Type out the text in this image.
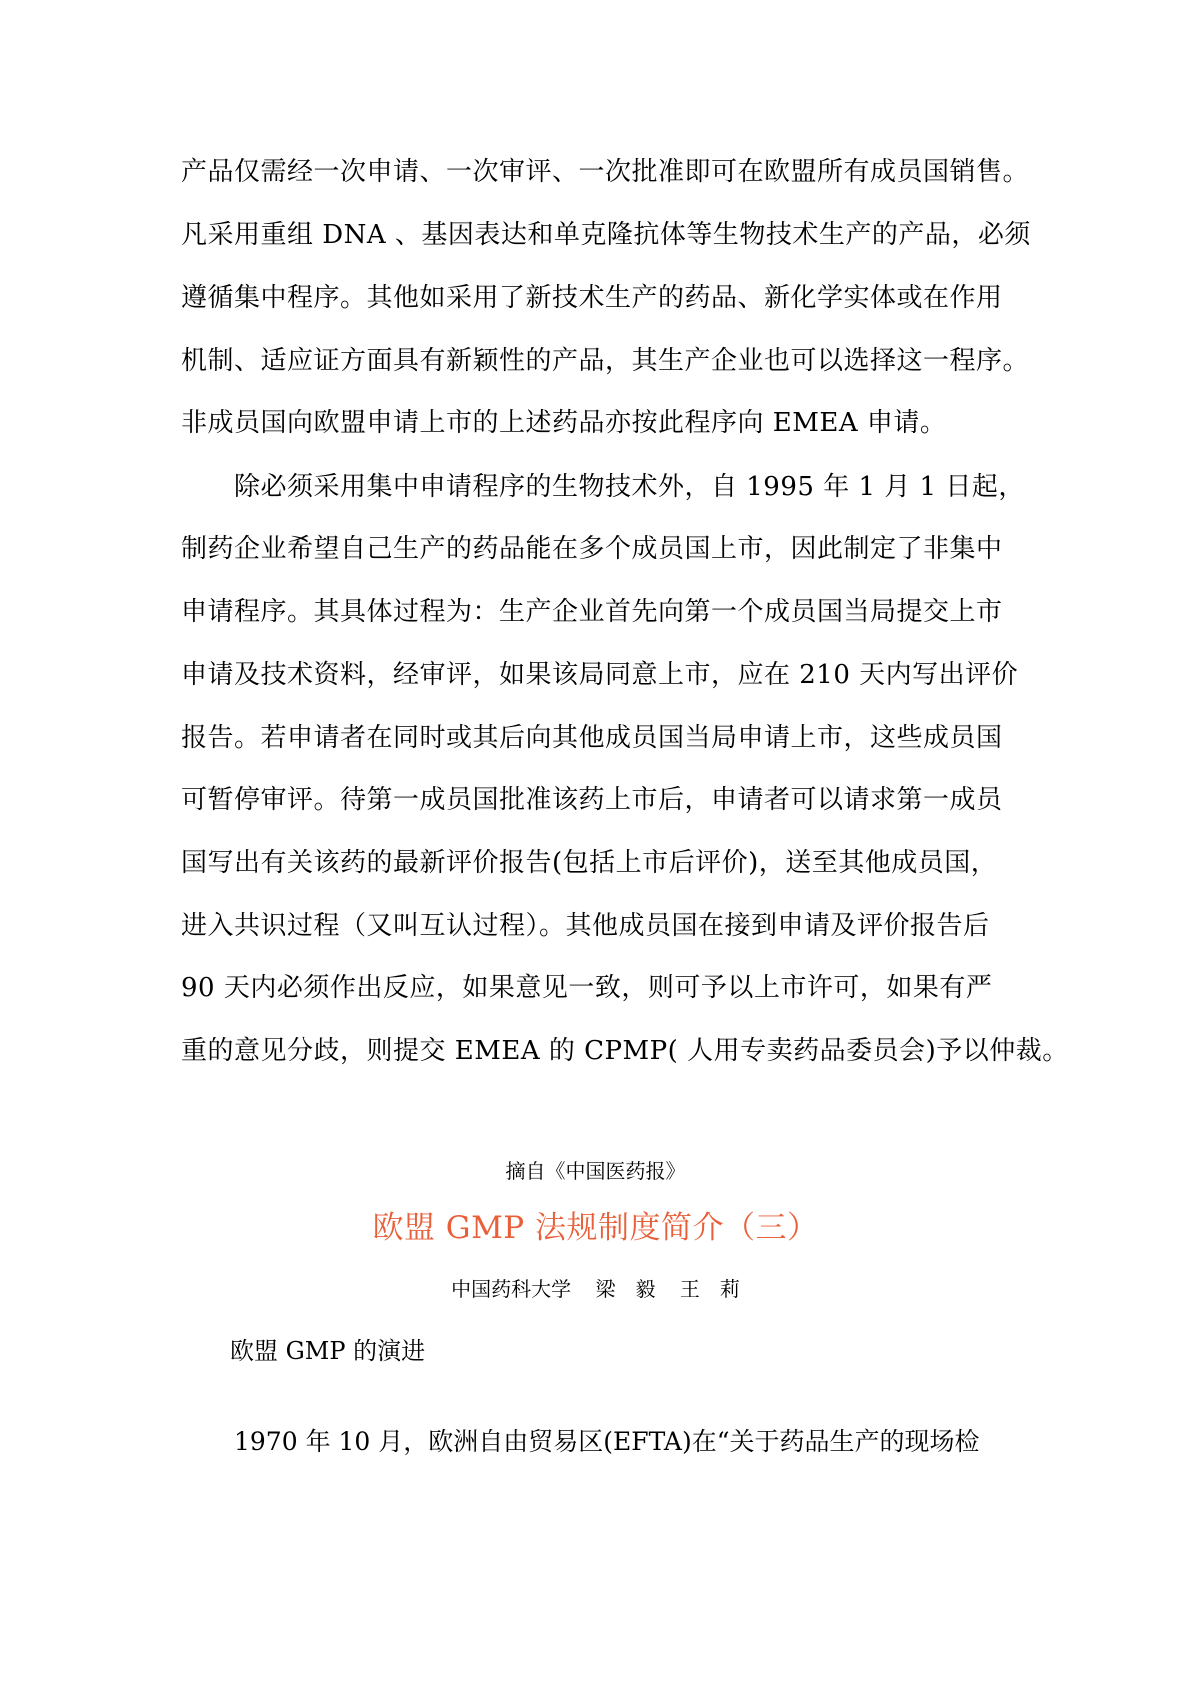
产品仅需经一次申请、一次审评、一次批准即可在欧盟所有成员国销售。
凡采用重组 DNA 、基因表达和单克隆抗体等生物技术生产的产品，必须
遵循集中程序。其他如采用了新技术生产的药品、新化学实体或在作用
机制、适应证方面具有新颖性的产品，其生产企业也可以选择这一程序。
非成员国向欧盟申请上市的上述药品亦按此程序向 EMEA 申请。
除必须采用集中申请程序的生物技术外，自 1995 年 1 月 1 日起，
制药企业希望自己生产的药品能在多个成员国上市，因此制定了非集中
申请程序。其具体过程为：生产企业首先向第一个成员国当局提交上市
申请及技术资料，经审评，如果该局同意上市，应在 210 天内写出评价
报告。若申请者在同时或其后向其他成员国当局申请上市，这些成员国
可暂停审评。待第一成员国批准该药上市后，申请者可以请求第一成员
国写出有关该药的最新评价报告(包括上市后评价)，送至其他成员国，
进入共识过程（又叫互认过程）。其他成员国在接到申请及评价报告后
90 天内必须作出反应，如果意见一致，则可予以上市许可，如果有严
重的意见分歧，则提交 EMEA 的 CPMP( 人用专卖药品委员会)予以仲裁。
摘自《中国医药报》
欧盟 GMP 法规制度简介（三）
中国药科大学 梁　毅 王　莉
欧盟 GMP 的演进
1970 年 10 月，欧洲自由贸易区(EFTA)在“关于药品生产的现场检
